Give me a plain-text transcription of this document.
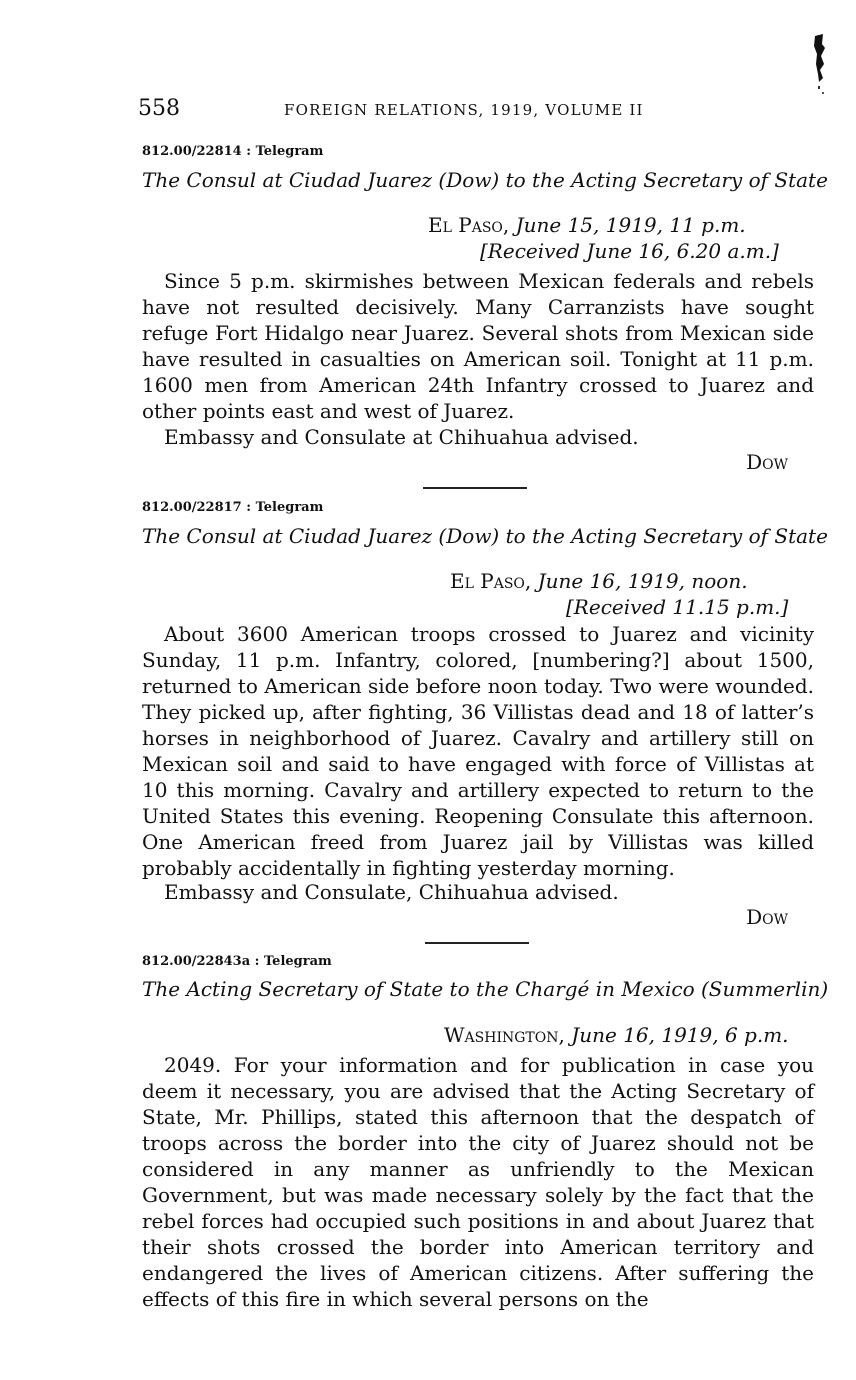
558	FOREIGN RELATIONS, 1919, VOLUME II
812.00/22814 : Telegram
The Consul at Ciudad Juarez (Dow) to the Acting Secretary of State
El Paso, June 15, 1919, 11 p.m.
[Received June 16, 6.20 a.m.]
Since 5 p.m. skirmishes between Mexican federals and rebels have not resulted decisively. Many Carranzists have sought refuge Fort Hidalgo near Juarez. Several shots from Mexican side have resulted in casualties on American soil. Tonight at 11 p.m. 1600 men from American 24th Infantry crossed to Juarez and other points east and west of Juarez.
Embassy and Consulate at Chihuahua advised.
Dow
812.00/22817 : Telegram
The Consul at Ciudad Juarez (Dow) to the Acting Secretary of State
El Paso, June 16, 1919, noon.
[Received 11.15 p.m.]
About 3600 American troops crossed to Juarez and vicinity Sunday, 11 p.m. Infantry, colored, [numbering?] about 1500, returned to American side before noon today. Two were wounded. They picked up, after fighting, 36 Villistas dead and 18 of latter’s horses in neighborhood of Juarez. Cavalry and artillery still on Mexican soil and said to have engaged with force of Villistas at 10 this morning. Cavalry and artillery expected to return to the United States this evening. Reopening Consulate this afternoon. One American freed from Juarez jail by Villistas was killed probably accidentally in fighting yesterday morning.
Embassy and Consulate, Chihuahua advised.
Dow
812.00/22843a : Telegram
The Acting Secretary of State to the Chargé in Mexico (Summerlin)
Washington, June 16, 1919, 6 p.m.
2049. For your information and for publication in case you deem it necessary, you are advised that the Acting Secretary of State, Mr. Phillips, stated this afternoon that the despatch of troops across the border into the city of Juarez should not be considered in any manner as unfriendly to the Mexican Government, but was made necessary solely by the fact that the rebel forces had occupied such positions in and about Juarez that their shots crossed the border into American territory and endangered the lives of American citizens. After suffering the effects of this fire in which several persons on the
